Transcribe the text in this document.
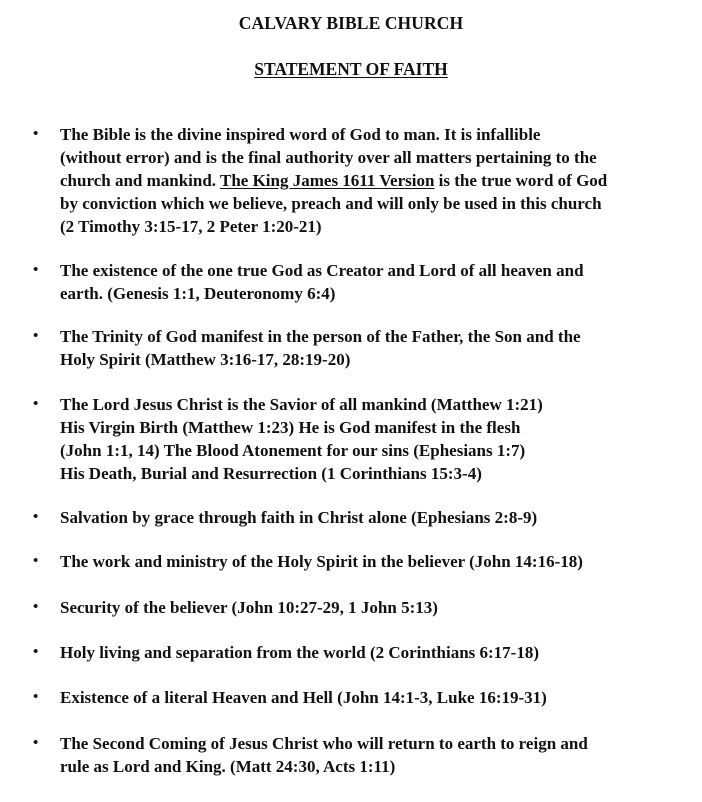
CALVARY BIBLE CHURCH
STATEMENT OF FAITH
• The Bible is the divine inspired word of God to man. It is infallible
(without error) and is the final authority over all matters pertaining to the
church and mankind. The King James 1611 Version is the true word of God
by conviction which we believe, preach and will only be used in this church
(2 Timothy 3:15-17, 2 Peter 1:20-21)
• The existence of the one true God as Creator and Lord of all heaven and
earth. (Genesis 1:1, Deuteronomy 6:4)
• The Trinity of God manifest in the person of the Father, the Son and the
Holy Spirit (Matthew 3:16-17, 28:19-20)
• The Lord Jesus Christ is the Savior of all mankind (Matthew 1:21)
His Virgin Birth (Matthew 1:23) He is God manifest in the flesh
(John 1:1, 14) The Blood Atonement for our sins (Ephesians 1:7)
His Death, Burial and Resurrection (1 Corinthians 15:3-4)
• Salvation by grace through faith in Christ alone (Ephesians 2:8-9)
• The work and ministry of the Holy Spirit in the believer (John 14:16-18)
• Security of the believer (John 10:27-29, 1 John 5:13)
• Holy living and separation from the world (2 Corinthians 6:17-18)
• Existence of a literal Heaven and Hell (John 14:1-3, Luke 16:19-31)
• The Second Coming of Jesus Christ who will return to earth to reign and
rule as Lord and King. (Matt 24:30, Acts 1:11)
